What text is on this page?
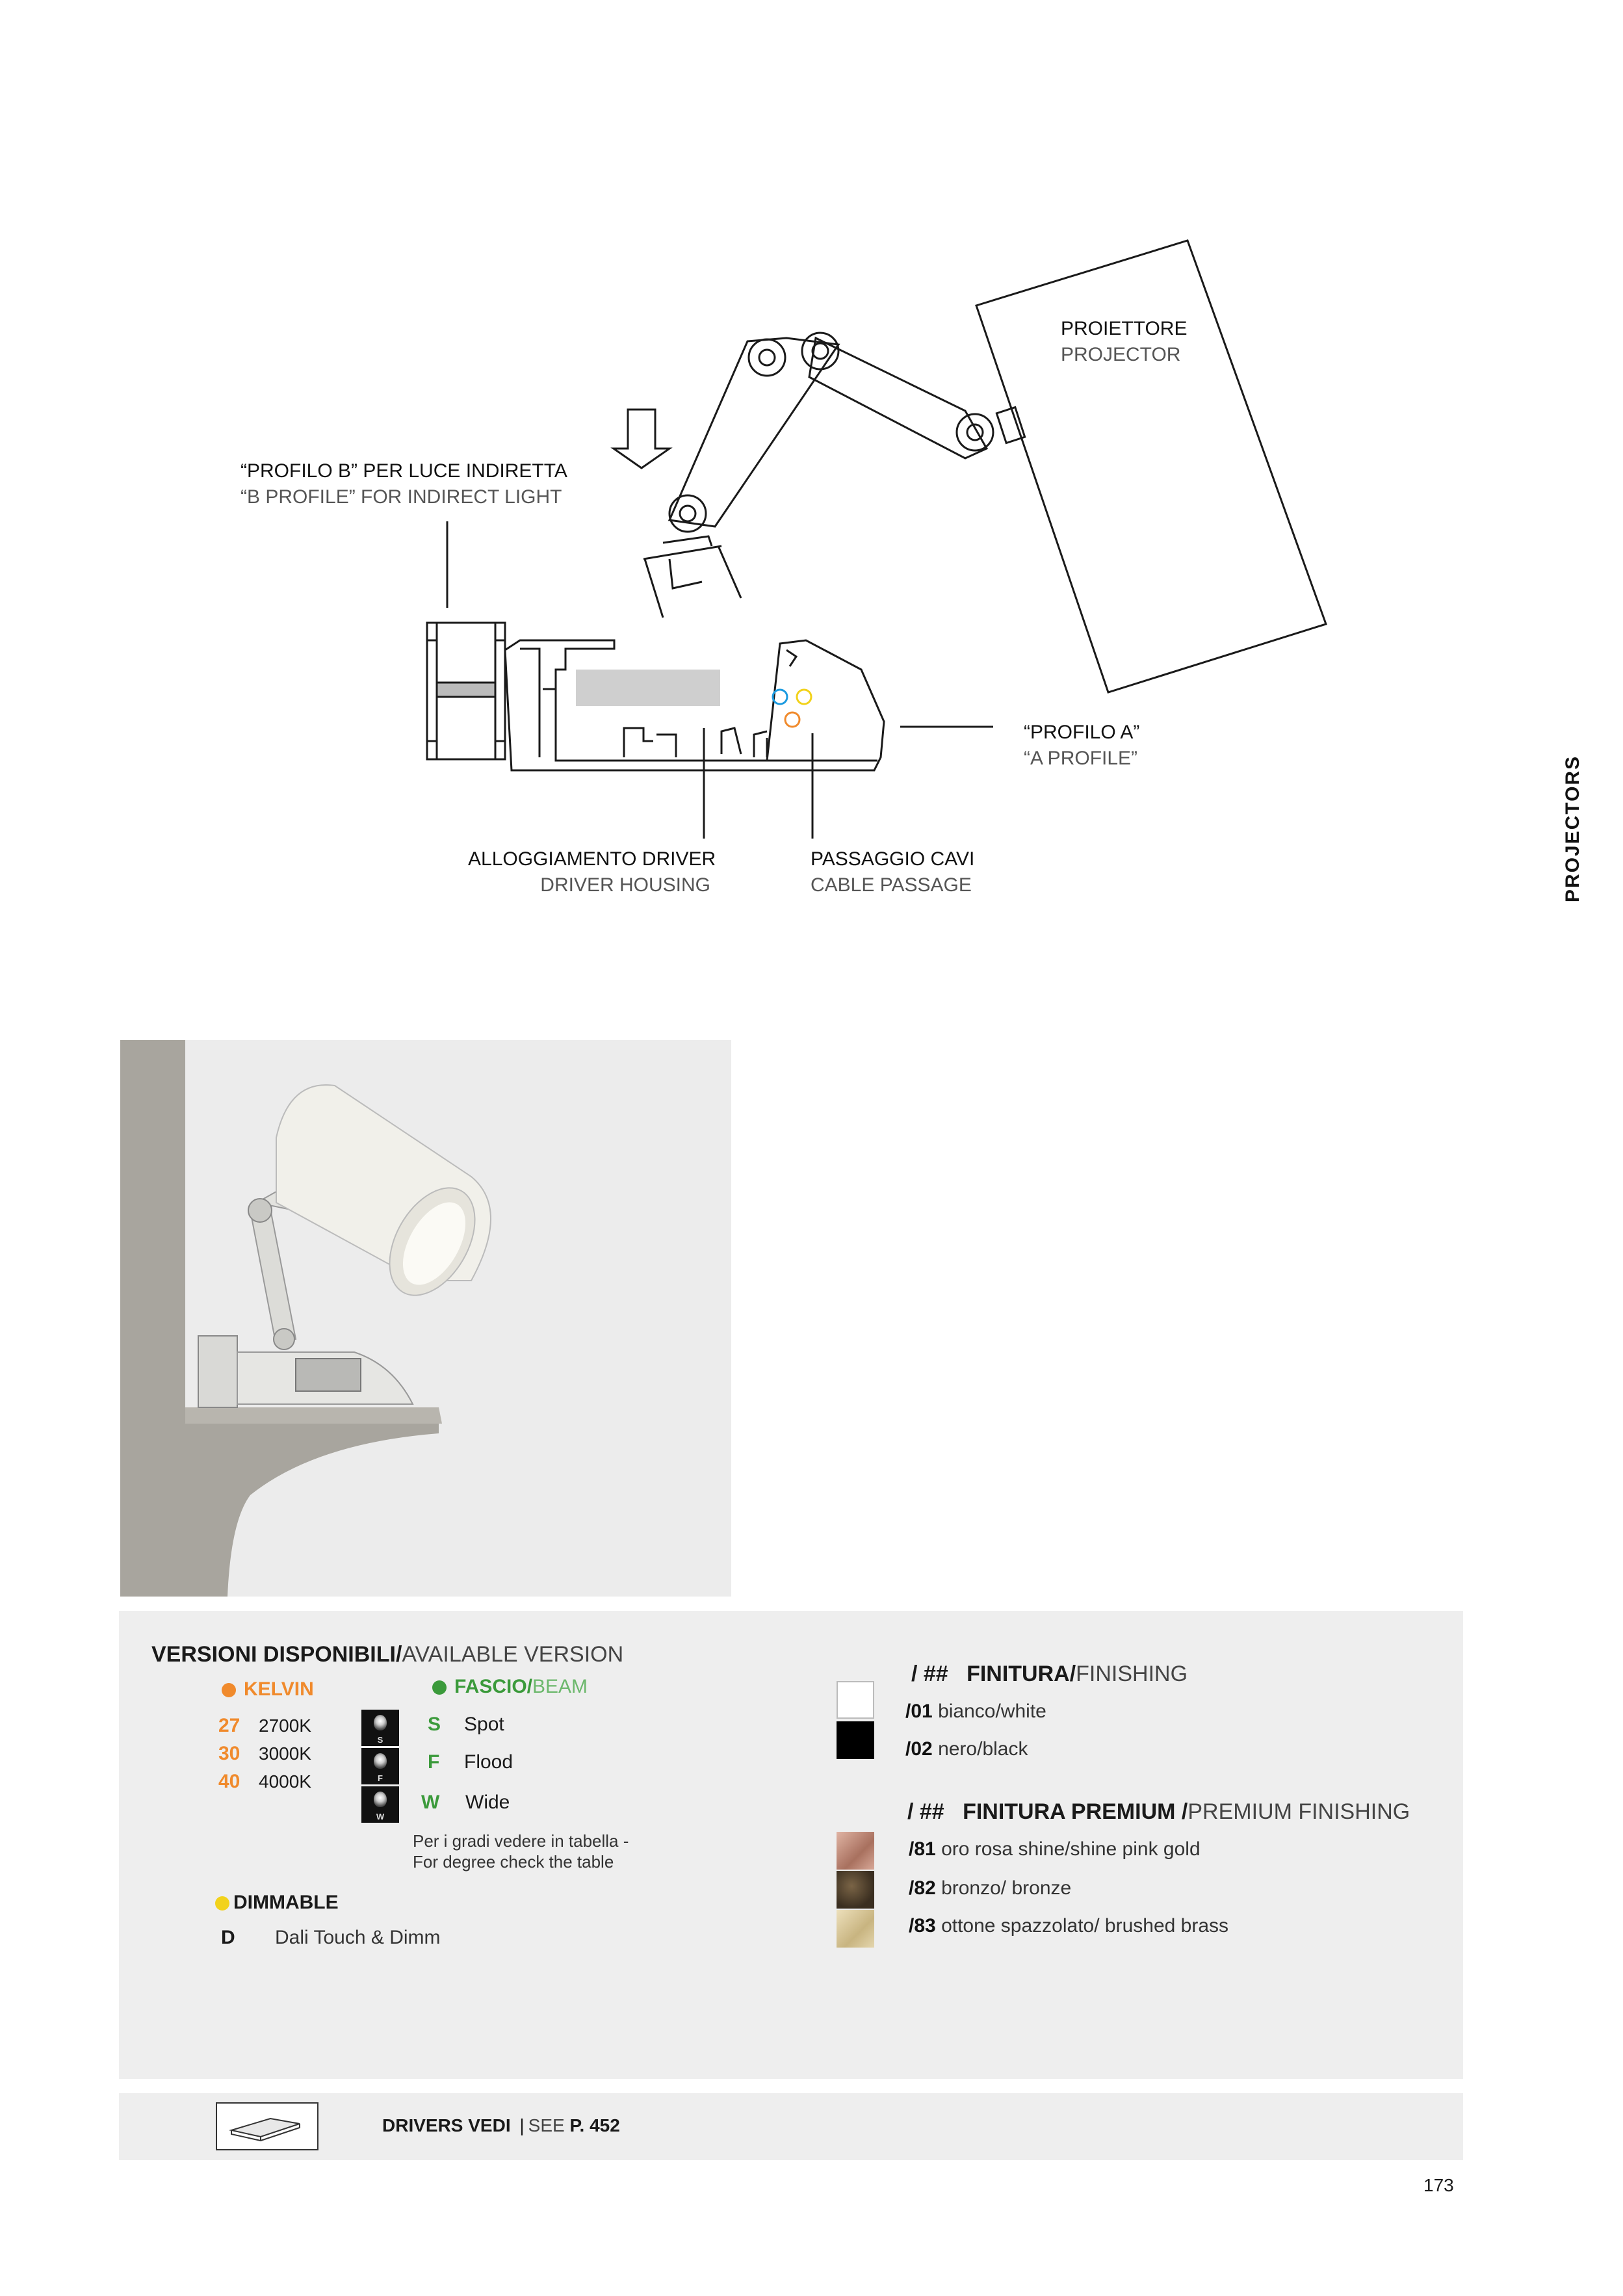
PROIETTORE
PROJECTOR
“PROFILO B” PER LUCE INDIRETTA
“B PROFILE” FOR INDIRECT LIGHT
“PROFILO A”
“A PROFILE”
ALLOGGIAMENTO DRIVER
DRIVER HOUSING
PASSAGGIO CAVI
CABLE PASSAGE	PROJECTORS
VERSIONI DISPONIBILI/AVAILABLE VERSION
KELVIN
27 2700K
30 3000K
40 4000K
S
F
W
FASCIO/BEAM
S Spot
F Flood
W Wide
Per i gradi vedere in tabella -
For degree check the table
DIMMABLE
D Dali Touch & Dimm
/ ## FINITURA/FINISHING
/01 bianco/white
/02 nero/black
/ ## FINITURA PREMIUM /PREMIUM FINISHING
/81 oro rosa shine/shine pink gold
/82 bronzo/ bronze
/83 ottone spazzolato/ brushed brass
DRIVERS VEDI | SEE P. 452
173
